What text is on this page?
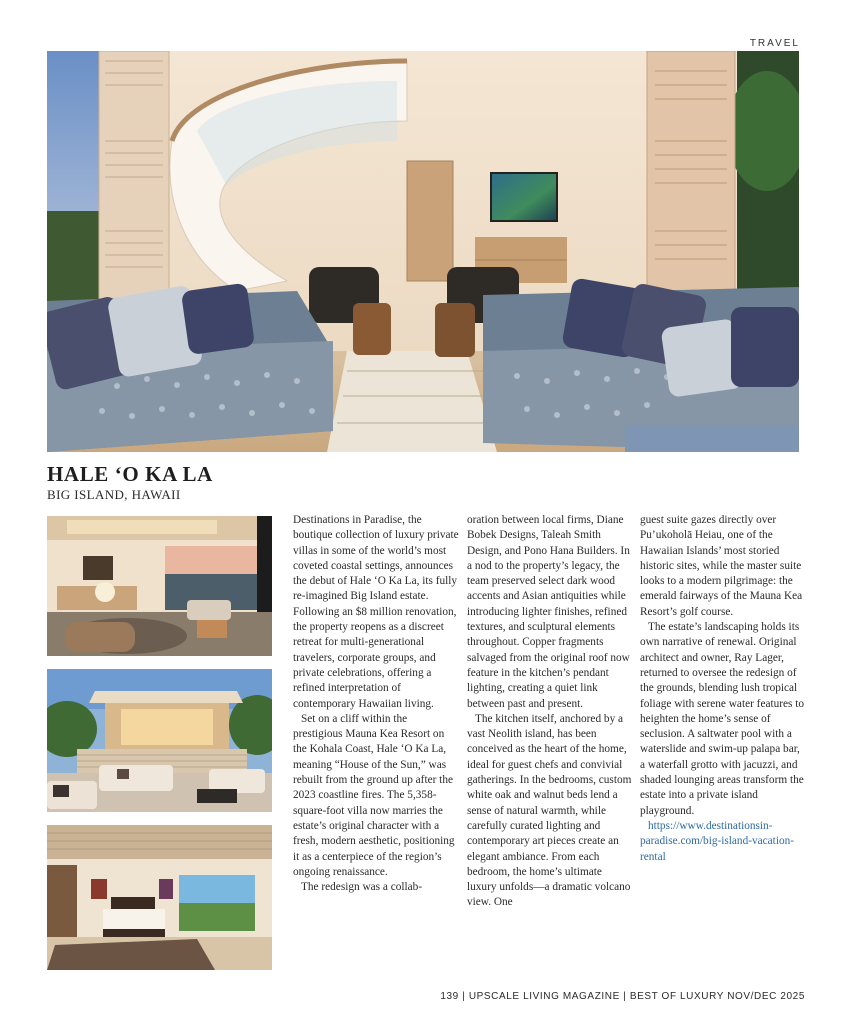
TRAVEL
HALE ‘O KA LA
BIG ISLAND, HAWAII

Destinations in Paradise, the boutique collection of luxury private villas in some of the world’s most coveted coastal settings, announces the debut of Hale ‘O Ka La, its fully re-imagined Big Island estate. Following an $8 million renovation, the property reopens as a discreet retreat for multi-generational travelers, corporate groups, and private celebrations, offering a refined interpretation of contemporary Hawaiian living.

Set on a cliff within the prestigious Mauna Kea Resort on the Kohala Coast, Hale ‘O Ka La, meaning “House of the Sun,” was rebuilt from the ground up after the 2023 coastline fires. The 5,358-square-foot villa now marries the estate’s original character with a fresh, modern aesthetic, positioning it as a centerpiece of the region’s ongoing renaissance.

The redesign was a collab-

oration between local firms, Diane Bobek Designs, Taleah Smith Design, and Pono Hana Builders. In a nod to the property’s legacy, the team preserved select dark wood accents and Asian antiquities while introducing lighter finishes, refined textures, and sculptural elements throughout. Copper fragments salvaged from the original roof now feature in the kitchen’s pendant lighting, creating a quiet link between past and present.

The kitchen itself, anchored by a vast Neolith island, has been conceived as the heart of the home, ideal for guest chefs and convivial gatherings. In the bedrooms, custom white oak and walnut beds lend a sense of natural warmth, while carefully curated lighting and contemporary art pieces create an elegant ambiance. From each bedroom, the home’s ultimate luxury unfolds—a dramatic volcano view. One

guest suite gazes directly over Pu’ukoholā Heiau, one of the Hawaiian Islands’ most storied historic sites, while the master suite looks to a modern pilgrimage: the emerald fairways of the Mauna Kea Resort’s golf course.

The estate’s landscaping holds its own narrative of renewal. Original architect and owner, Ray Lager, returned to oversee the redesign of the grounds, blending lush tropical foliage with serene water features to heighten the home’s sense of seclusion. A saltwater pool with a waterslide and swim-up palapa bar, a waterfall grotto with jacuzzi, and shaded lounging areas transform the estate into a private island playground.

https://www.destinationsin-paradise.com/big-island-vacation-rental

139 | UPSCALE LIVING MAGAZINE | BEST OF LUXURY NOV/DEC 2025
